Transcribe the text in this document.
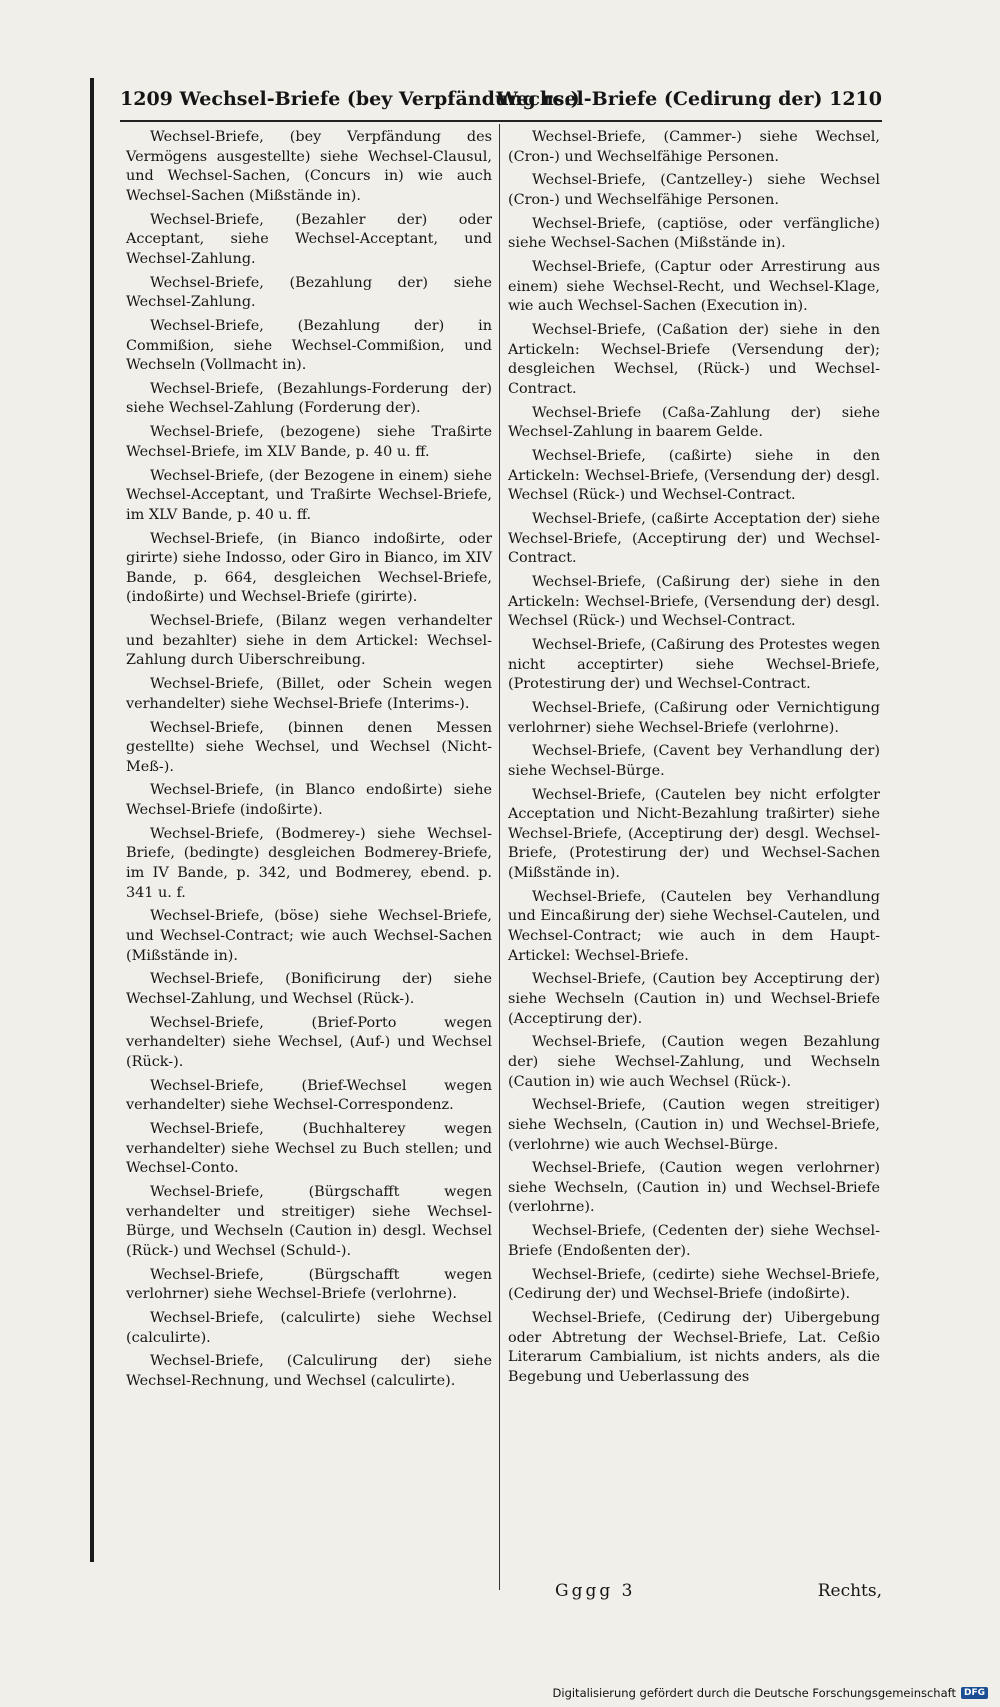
1209 Wechsel-Briefe (bey Verpfändung rc.)
Wechsel-Briefe (Cedirung der) 1210

Wechsel-Briefe, (bey Verpfändung des Vermögens ausgestellte) siehe Wechsel-Clausul, und Wechsel-Sachen, (Concurs in) wie auch Wechsel-Sachen (Mißstände in).

Wechsel-Briefe, (Bezahler der) oder Acceptant, siehe Wechsel-Acceptant, und Wechsel-Zahlung.

Wechsel-Briefe, (Bezahlung der) siehe Wechsel-Zahlung.

Wechsel-Briefe, (Bezahlung der) in Commißion, siehe Wechsel-Commißion, und Wechseln (Vollmacht in).

Wechsel-Briefe, (Bezahlungs-Forderung der) siehe Wechsel-Zahlung (Forderung der).

Wechsel-Briefe, (bezogene) siehe Traßirte Wechsel-Briefe, im XLV Bande, p. 40 u. ff.

Wechsel-Briefe, (der Bezogene in einem) siehe Wechsel-Acceptant, und Traßirte Wechsel-Briefe, im XLV Bande, p. 40 u. ff.

Wechsel-Briefe, (in Bianco indoßirte, oder girirte) siehe Indosso, oder Giro in Bianco, im XIV Bande, p. 664, desgleichen Wechsel-Briefe, (indoßirte) und Wechsel-Briefe (girirte).

Wechsel-Briefe, (Bilanz wegen verhandelter und bezahlter) siehe in dem Artickel: Wechsel-Zahlung durch Uiberschreibung.

Wechsel-Briefe, (Billet, oder Schein wegen verhandelter) siehe Wechsel-Briefe (Interims-).

Wechsel-Briefe, (binnen denen Messen gestellte) siehe Wechsel, und Wechsel (Nicht-Meß-).

Wechsel-Briefe, (in Blanco endoßirte) siehe Wechsel-Briefe (indoßirte).

Wechsel-Briefe, (Bodmerey-) siehe Wechsel-Briefe, (bedingte) desgleichen Bodmerey-Briefe, im IV Bande, p. 342, und Bodmerey, ebend. p. 341 u. f.

Wechsel-Briefe, (böse) siehe Wechsel-Briefe, und Wechsel-Contract; wie auch Wechsel-Sachen (Mißstände in).

Wechsel-Briefe, (Bonificirung der) siehe Wechsel-Zahlung, und Wechsel (Rück-).

Wechsel-Briefe, (Brief-Porto wegen verhandelter) siehe Wechsel, (Auf-) und Wechsel (Rück-).

Wechsel-Briefe, (Brief-Wechsel wegen verhandelter) siehe Wechsel-Correspondenz.

Wechsel-Briefe, (Buchhalterey wegen verhandelter) siehe Wechsel zu Buch stellen; und Wechsel-Conto.

Wechsel-Briefe, (Bürgschafft wegen verhandelter und streitiger) siehe Wechsel-Bürge, und Wechseln (Caution in) desgl. Wechsel (Rück-) und Wechsel (Schuld-).

Wechsel-Briefe, (Bürgschafft wegen verlohrner) siehe Wechsel-Briefe (verlohrne).

Wechsel-Briefe, (calculirte) siehe Wechsel (calculirte).

Wechsel-Briefe, (Calculirung der) siehe Wechsel-Rechnung, und Wechsel (calculirte).

Wechsel-Briefe, (Cammer-) siehe Wechsel, (Cron-) und Wechselfähige Personen.

Wechsel-Briefe, (Cantzelley-) siehe Wechsel (Cron-) und Wechselfähige Personen.

Wechsel-Briefe, (captiöse, oder verfängliche) siehe Wechsel-Sachen (Mißstände in).

Wechsel-Briefe, (Captur oder Arrestirung aus einem) siehe Wechsel-Recht, und Wechsel-Klage, wie auch Wechsel-Sachen (Execution in).

Wechsel-Briefe, (Caßation der) siehe in den Artickeln: Wechsel-Briefe (Versendung der); desgleichen Wechsel, (Rück-) und Wechsel-Contract.

Wechsel-Briefe (Caßa-Zahlung der) siehe Wechsel-Zahlung in baarem Gelde.

Wechsel-Briefe, (caßirte) siehe in den Artickeln: Wechsel-Briefe, (Versendung der) desgl. Wechsel (Rück-) und Wechsel-Contract.

Wechsel-Briefe, (caßirte Acceptation der) siehe Wechsel-Briefe, (Acceptirung der) und Wechsel-Contract.

Wechsel-Briefe, (Caßirung der) siehe in den Artickeln: Wechsel-Briefe, (Versendung der) desgl. Wechsel (Rück-) und Wechsel-Contract.

Wechsel-Briefe, (Caßirung des Protestes wegen nicht acceptirter) siehe Wechsel-Briefe, (Protestirung der) und Wechsel-Contract.

Wechsel-Briefe, (Caßirung oder Vernichtigung verlohrner) siehe Wechsel-Briefe (verlohrne).

Wechsel-Briefe, (Cavent bey Verhandlung der) siehe Wechsel-Bürge.

Wechsel-Briefe, (Cautelen bey nicht erfolgter Acceptation und Nicht-Bezahlung traßirter) siehe Wechsel-Briefe, (Acceptirung der) desgl. Wechsel-Briefe, (Protestirung der) und Wechsel-Sachen (Mißstände in).

Wechsel-Briefe, (Cautelen bey Verhandlung und Eincaßirung der) siehe Wechsel-Cautelen, und Wechsel-Contract; wie auch in dem Haupt-Artickel: Wechsel-Briefe.

Wechsel-Briefe, (Caution bey Acceptirung der) siehe Wechseln (Caution in) und Wechsel-Briefe (Acceptirung der).

Wechsel-Briefe, (Caution wegen Bezahlung der) siehe Wechsel-Zahlung, und Wechseln (Caution in) wie auch Wechsel (Rück-).

Wechsel-Briefe, (Caution wegen streitiger) siehe Wechseln, (Caution in) und Wechsel-Briefe, (verlohrne) wie auch Wechsel-Bürge.

Wechsel-Briefe, (Caution wegen verlohrner) siehe Wechseln, (Caution in) und Wechsel-Briefe (verlohrne).

Wechsel-Briefe, (Cedenten der) siehe Wechsel-Briefe (Endoßenten der).

Wechsel-Briefe, (cedirte) siehe Wechsel-Briefe, (Cedirung der) und Wechsel-Briefe (indoßirte).

Wechsel-Briefe, (Cedirung der) Uibergebung oder Abtretung der Wechsel-Briefe, Lat. Ceßio Literarum Cambialium, ist nichts anders, als die Begebung und Ueberlassung des

Gggg 3	Rechts,
Digitalisierung gefördert durch die Deutsche Forschungsgemeinschaft DFG
